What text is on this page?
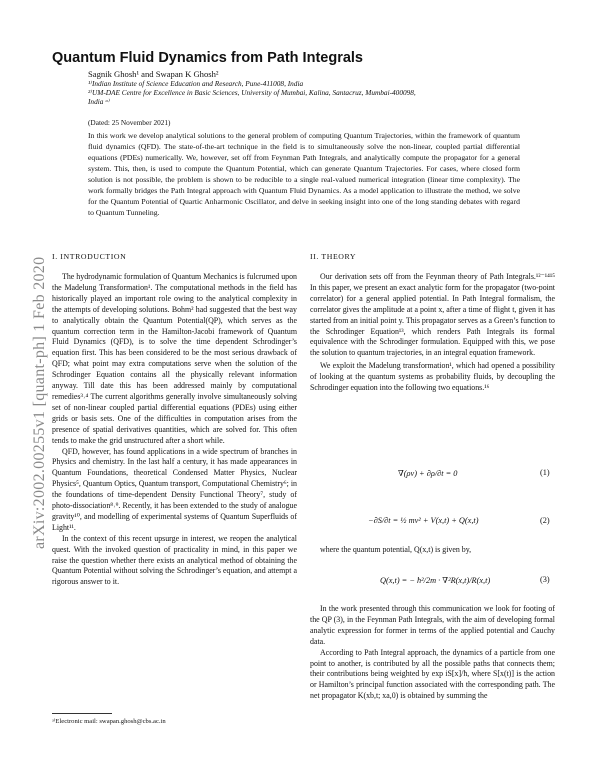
arXiv:2002.00255v1 [quant-ph] 1 Feb 2020
Quantum Fluid Dynamics from Path Integrals
Sagnik Ghosh¹ and Swapan K Ghosh²
¹⁾Indian Institute of Science Education and Research, Pune-411008, India
²⁾UM-DAE Centre for Excellence in Basic Sciences, University of Mumbai, Kalina, Santacruz, Mumbai-400098,
India ᵃ⁾
(Dated: 25 November 2021)
In this work we develop analytical solutions to the general problem of computing Quantum Trajectories, within the framework of quantum fluid dynamics (QFD). The state-of-the-art technique in the field is to simultaneously solve the non-linear, coupled partial differential equations (PDEs) numerically. We, however, set off from Feynman Path Integrals, and analytically compute the propagator for a general system. This, then, is used to compute the Quantum Potential, which can generate Quantum Trajectories. For cases, where closed form solution is not possible, the problem is shown to be reducible to a single real-valued numerical integration (linear time complexity). The work formally bridges the Path Integral approach with Quantum Fluid Dynamics. As a model application to illustrate the method, we solve for the Quantum Potential of Quartic Anharmonic Oscillator, and delve in seeking insight into one of the long standing debates with regard to Quantum Tunneling.
I. INTRODUCTION	II. THEORY

The hydrodynamic formulation of Quantum Mechanics is fulcrumed upon the Madelung Transformation¹. The computational methods in the field has historically played an important role owing to the analytical complexity in the attempts of developing solutions. Bohm² had suggested that the best way to analytically obtain the Quantum Potential(QP), which serves as the quantum correction term in the Hamilton-Jacobi framework of Quantum Fluid Dynamics (QFD), is to solve the time dependent Schrodinger’s equation first. This has been considered to be the most serious drawback of QFD; what point may extra computations serve when the solution of the Schrodinger Equation contains all the physically relevant information anyway. Till date this has been addressed mainly by computational remedies³˒⁴ The current algorithms generally involve simultaneously solving set of non-linear coupled partial differential equations (PDEs) using either grids or basis sets. One of the difficulties in computation arises from the presence of spatial derivatives quantities, which are solved for. This often tends to make the grid unstructured after a short while.

QFD, however, has found applications in a wide spectrum of branches in Physics and chemistry. In the last half a century, it has made appearances in Quantum Foundations, theoretical Condensed Matter Physics, Nuclear Physics⁵, Quantum Optics, Quantum transport, Computational Chemistry⁶; in the foundations of time-dependent Density Functional Theory⁷, study of photo-dissociation⁸˒⁹. Recently, it has been extended to the study of analogue gravity¹⁰, and modelling of experimental systems of Quantum Superfluids of Light¹¹.

In the context of this recent upsurge in interest, we reopen the analytical quest. With the invoked question of practicality in mind, in this paper we raise the question whether there exists an analytical method of obtaining the Quantum Potential without solving the Schrodinger’s equation, and attempt a rigorous answer to it.

Our derivation sets off from the Feynman theory of Path Integrals.¹²⁻¹⁴¹⁵ In this paper, we present an exact analytic form for the propagator (two-point correlator) for a general applied potential. In Path Integral formalism, the correlator gives the amplitude at a point x, after a time of flight t, given it has started from an initial point y. This propagator serves as a Green’s function to the Schrodinger Equation¹³, which renders Path Integrals its formal equivalence with the Schrodinger formulation. Equipped with this, we pose the solution to quantum trajectories, in an integral equation framework.

We exploit the Madelung transformation¹, which had opened a possibility of looking at the quantum systems as probability fluids, by decoupling the Schrodinger equation into the following two equations.¹⁶

∇(ρv) + ∂ρ/∂t = 0	(1)
−∂S/∂t = ½ mv² + V(x,t) + Q(x,t)	(2)
where the quantum potential, Q(x,t) is given by,
Q(x,t) = − ħ²/2m · ∇²R(x,t)/R(x,t)	(3)

In the work presented through this communication we look for footing of the QP (3), in the Feynman Path Integrals, with the aim of developing formal analytic expression for former in terms of the applied potential and Cauchy data.

According to Path Integral approach, the dynamics of a particle from one point to another, is contributed by all the possible paths that connects them; their contributions being weighted by exp iS[x]/ħ, where S[x(t)] is the action or Hamilton’s principal function associated with the corresponding path. The net propagator K(xb,t; xa,0) is obtained by summing the

ᵃ⁾Electronic mail: swapan.ghosh@cbs.ac.in
